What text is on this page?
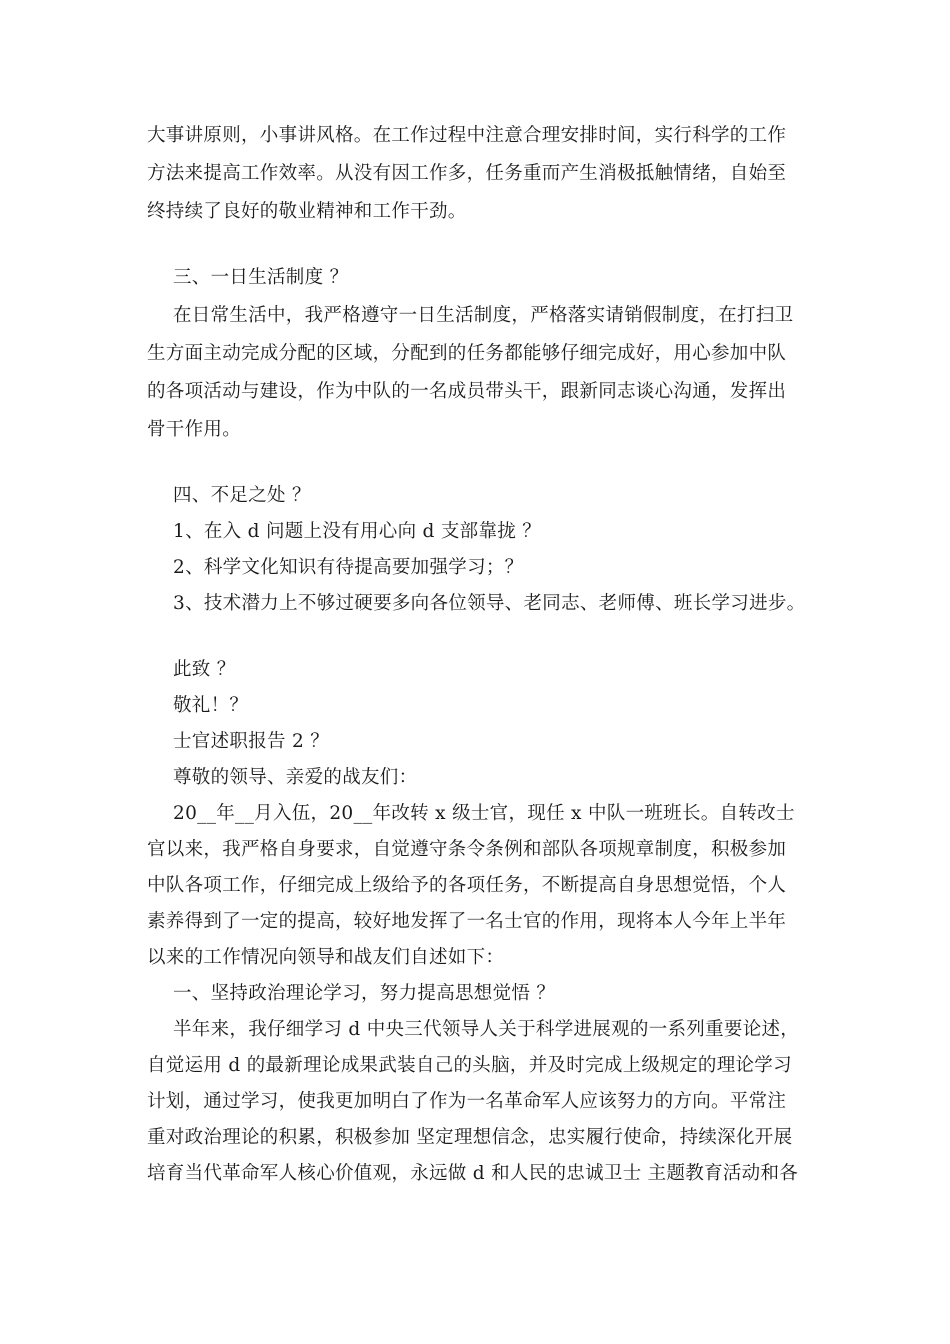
大事讲原则，小事讲风格。在工作过程中注意合理安排时间，实行科学的工作
方法来提高工作效率。从没有因工作多，任务重而产生消极抵触情绪，自始至
终持续了良好的敬业精神和工作干劲。
三、一日生活制度 ？
在日常生活中，我严格遵守一日生活制度，严格落实请销假制度，在打扫卫
生方面主动完成分配的区域，分配到的任务都能够仔细完成好，用心参加中队
的各项活动与建设，作为中队的一名成员带头干，跟新同志谈心沟通，发挥出
骨干作用。
四、不足之处 ？
1、在入 d 问题上没有用心向 d 支部靠拢 ？
2、科学文化知识有待提高要加强学习；？
3、技术潜力上不够过硬要多向各位领导、老同志、老师傅、班长学习进步。
此致 ？
敬礼！？
士官述职报告 2 ？
尊敬的领导、亲爱的战友们：
20__年__月入伍，20__年改转 x 级士官，现任 x 中队一班班长。自转改士
官以来，我严格自身要求，自觉遵守条令条例和部队各项规章制度，积极参加
中队各项工作，仔细完成上级给予的各项任务，不断提高自身思想觉悟，个人
素养得到了一定的提高，较好地发挥了一名士官的作用，现将本人今年上半年
以来的工作情况向领导和战友们自述如下：
一、坚持政治理论学习，努力提高思想觉悟 ？
半年来，我仔细学习 d 中央三代领导人关于科学进展观的一系列重要论述，
自觉运用 d 的最新理论成果武装自己的头脑，并及时完成上级规定的理论学习
计划，通过学习，使我更加明白了作为一名革命军人应该努力的方向。平常注
重对政治理论的积累，积极参加 坚定理想信念，忠实履行使命，持续深化开展
培育当代革命军人核心价值观，永远做 d 和人民的忠诚卫士 主题教育活动和各
